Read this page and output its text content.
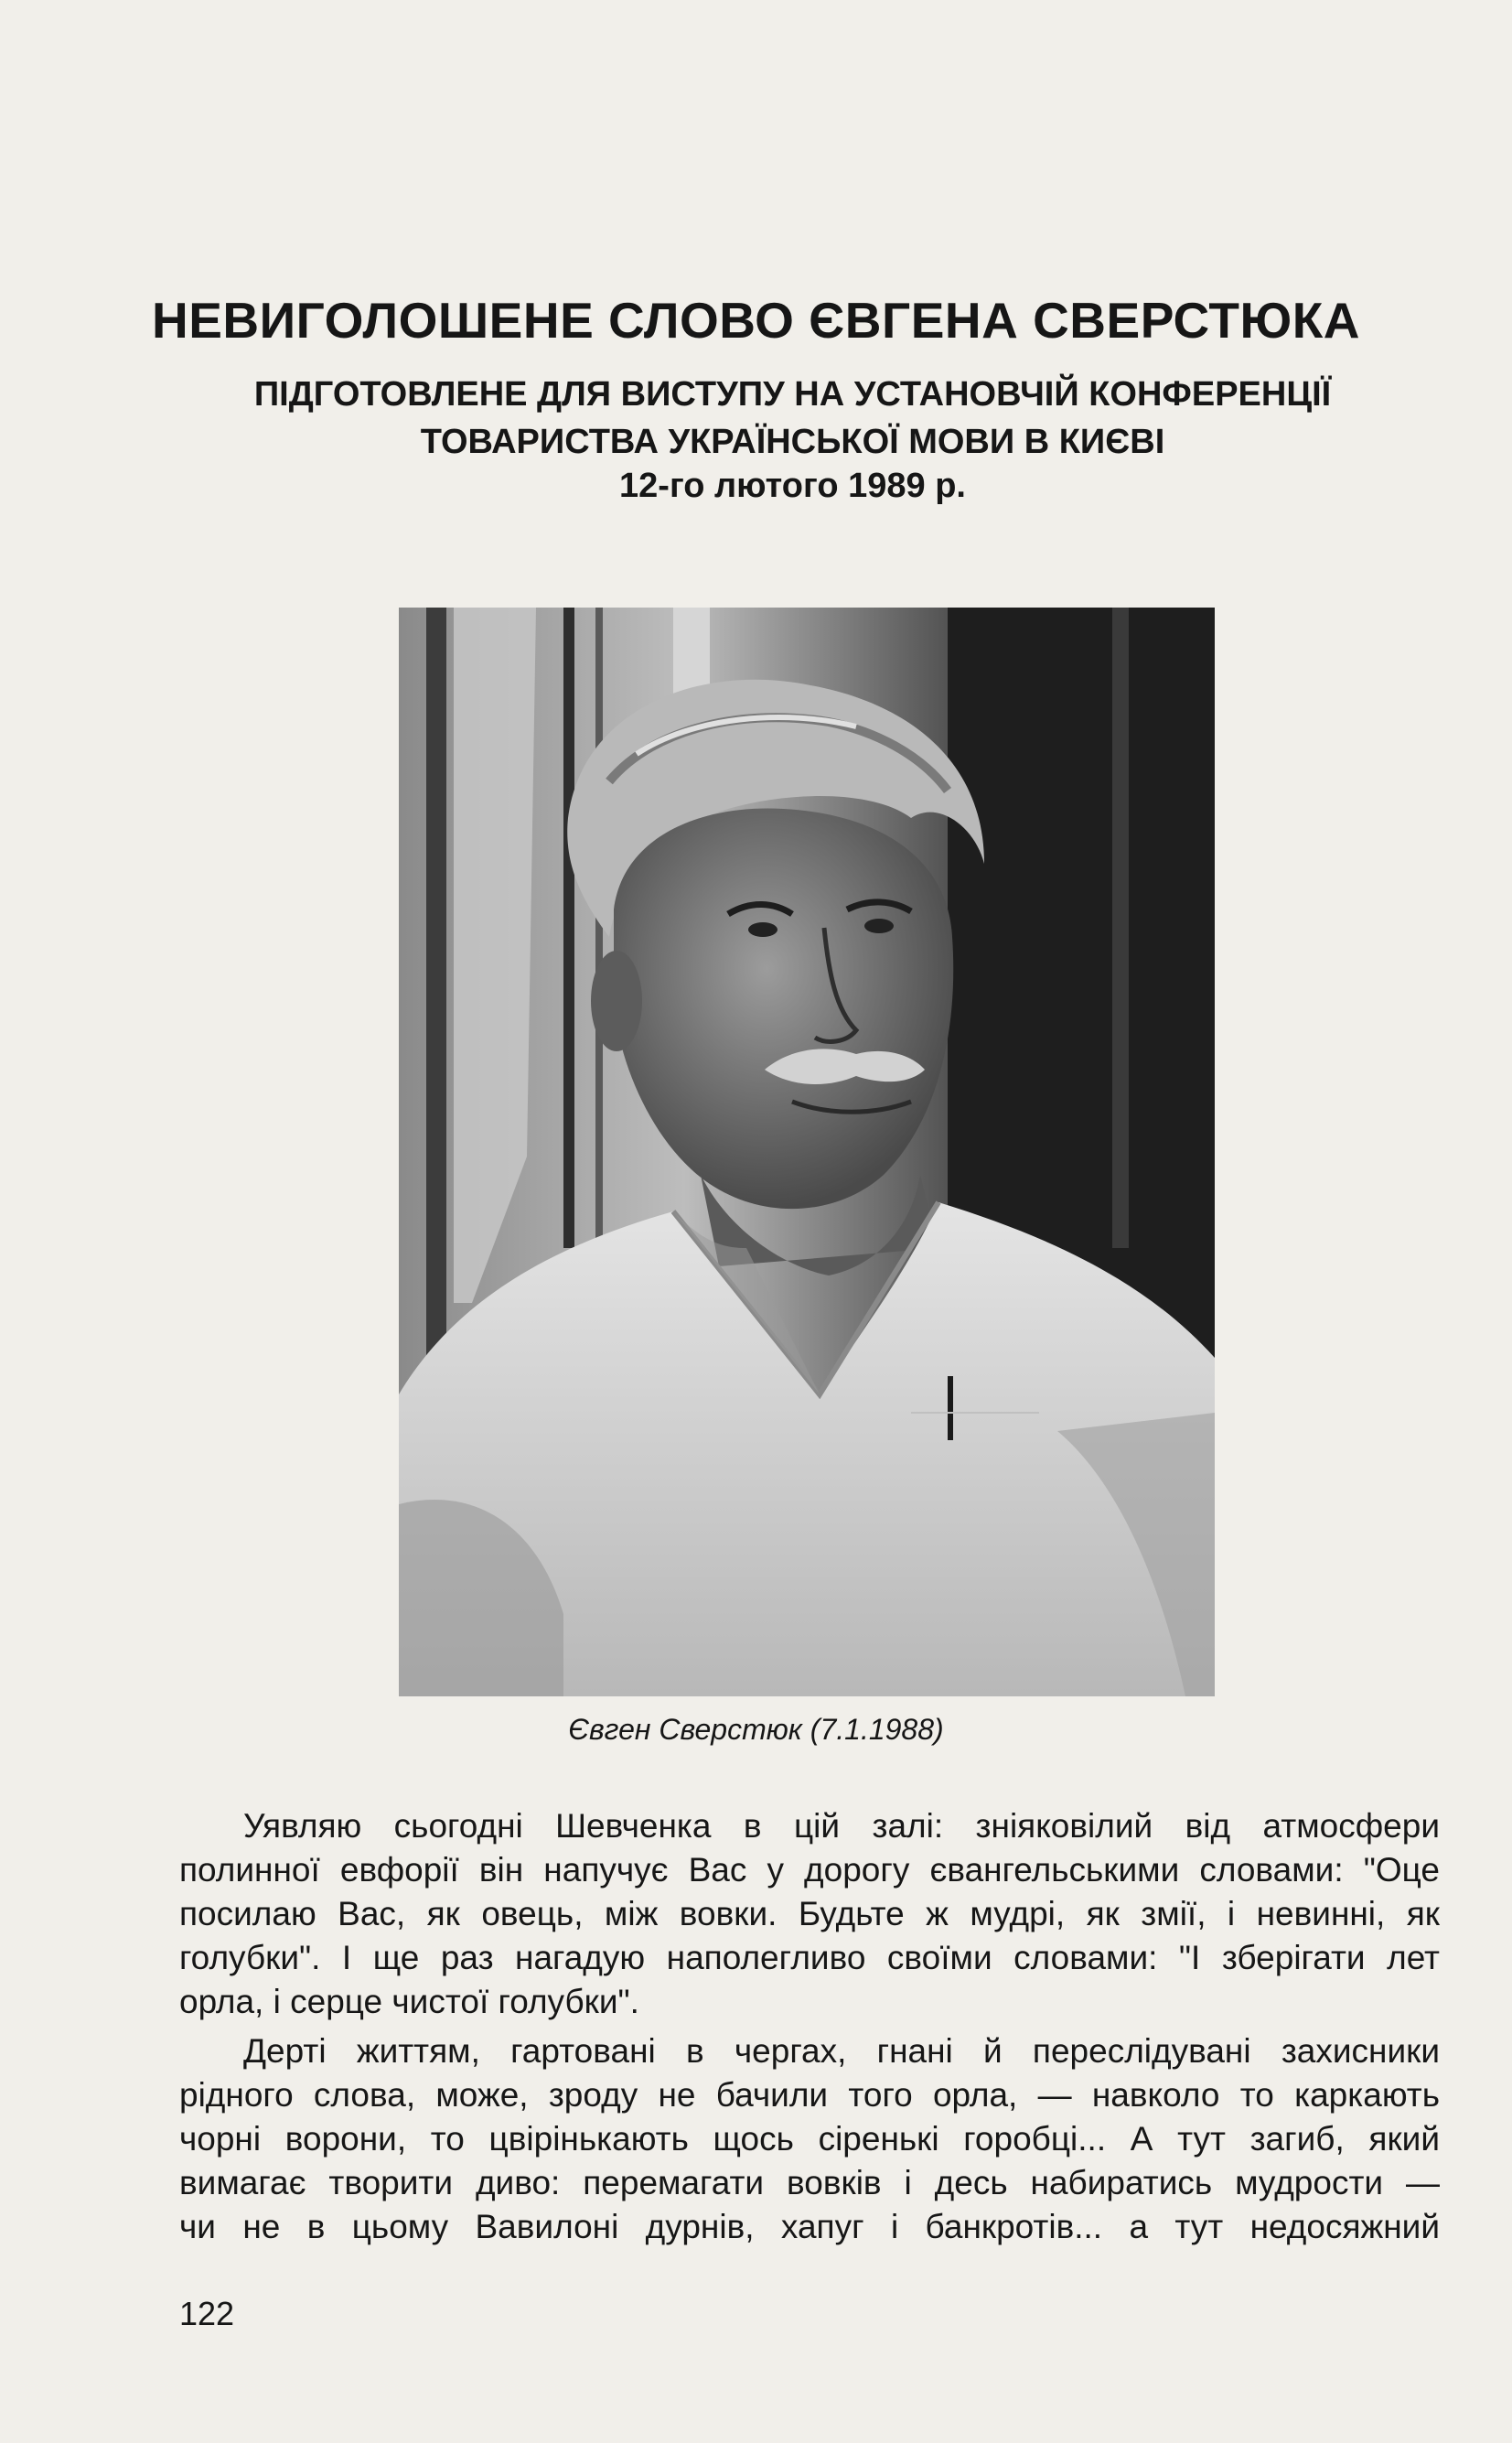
НЕВИГОЛОШЕНЕ СЛОВО ЄВГЕНА СВЕРСТЮКА

ПІДГОТОВЛЕНЕ ДЛЯ ВИСТУПУ НА УСТАНОВЧІЙ КОНФЕРЕНЦІЇ

ТОВАРИСТВА УКРАЇНСЬКОЇ МОВИ В КИЄВІ

12-го лютого 1989 р.

Євген Сверстюк (7.1.1988)

Уявляю сьогодні Шевченка в цій залі: зніяковілий від атмосфери
полинної евфорії він напучує Вас у дорогу євангельськими словами: "Оце
посилаю Вас, як овець, між вовки. Будьте ж мудрі, як змії, і невинні, як
голубки". І ще раз нагадую наполегливо своїми словами: "І зберігати лет
орла, і серце чистої голубки".
Дерті життям, гартовані в чергах, гнані й переслідувані захисники
рідного слова, може, зроду не бачили того орла, — навколо то каркають
чорні ворони, то цвірінькають щось сіренькі горобці... А тут загиб, який
вимагає творити диво: перемагати вовків і десь набиратись мудрости —
чи не в цьому Вавилоні дурнів, хапуг і банкротів... а тут недосяжний

122
